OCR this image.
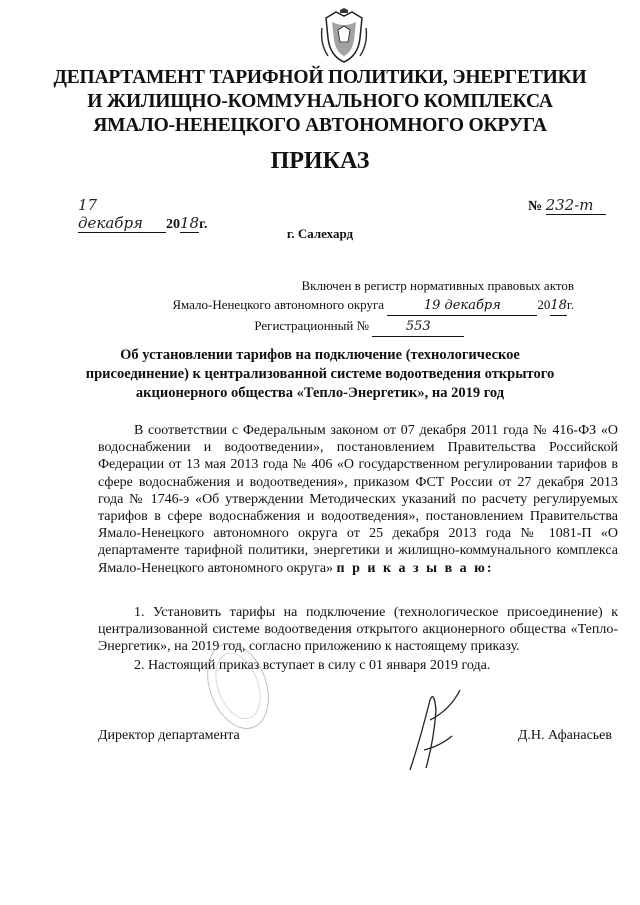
ДЕПАРТАМЕНТ ТАРИФНОЙ ПОЛИТИКИ, ЭНЕРГЕТИКИ
И ЖИЛИЩНО-КОММУНАЛЬНОГО КОМПЛЕКСА
ЯМАЛО-НЕНЕЦКОГО АВТОНОМНОГО ОКРУГА
ПРИКАЗ
17 декабря 2018г.
№ 232-т
г. Салехард
Включен в регистр нормативных правовых актов
Ямало-Ненецкого автономного округа	19 декабря	2018г.
Регистрационный №	553
Об установлении тарифов на подключение (технологическое
присоединение) к централизованной системе водоотведения открытого
акционерного общества «Тепло-Энергетик», на 2019 год
В соответствии с Федеральным законом от 07 декабря 2011 года № 416-ФЗ «О водоснабжении и водоотведении», постановлением Правительства Российской Федерации от 13 мая 2013 года № 406 «О государственном регулировании тарифов в сфере водоснабжения и водоотведения», приказом ФСТ России от 27 декабря 2013 года № 1746-э «Об утверждении Методических указаний по расчету регулируемых тарифов в сфере водоснабжения и водоотведения», постановлением Правительства Ямало-Ненецкого автономного округа от 25 декабря 2013 года № 1081-П «О департаменте тарифной политики, энергетики и жилищно-коммунального комплекса Ямало-Ненецкого автономного округа» п р и к а з ы в а ю:
1. Установить тарифы на подключение (технологическое присоединение) к централизованной системе водоотведения открытого акционерного общества «Тепло-Энергетик», на 2019 год, согласно приложению к настоящему приказу.
2. Настоящий приказ вступает в силу с 01 января 2019 года.
Директор департамента	Д.Н. Афанасьев
